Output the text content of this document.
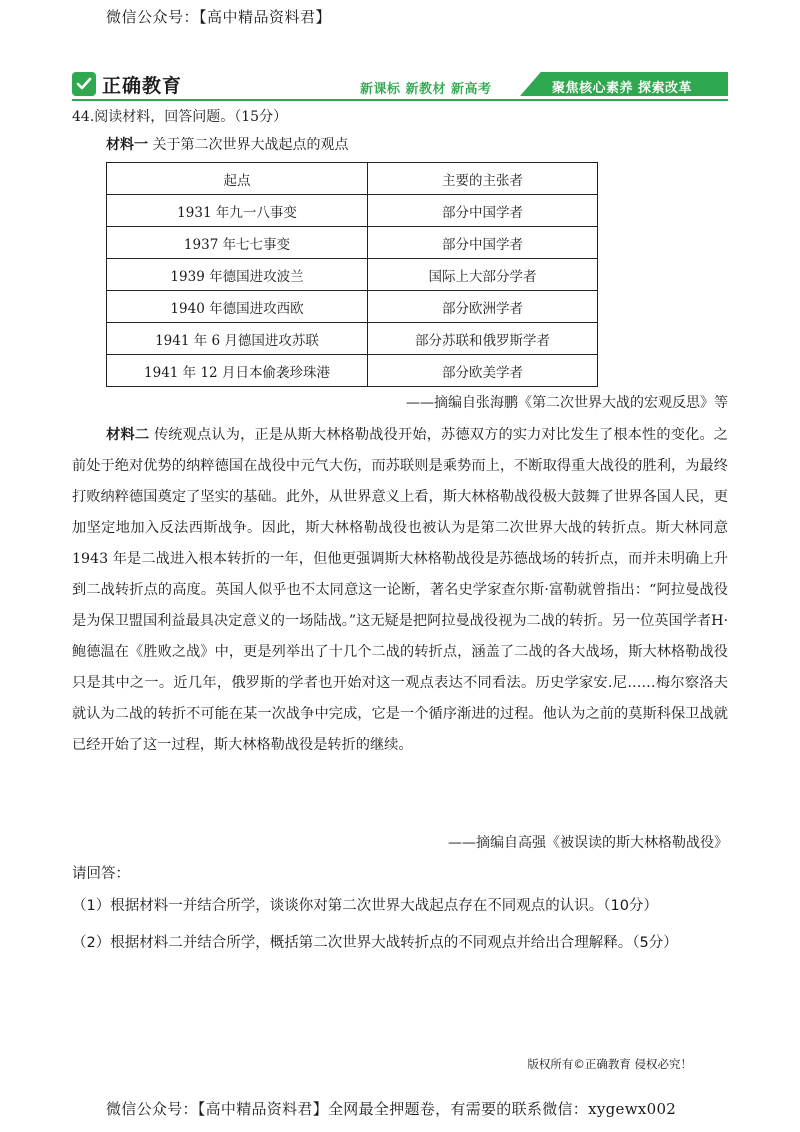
微信公众号：【高中精品资料君】
正确教育	新课标 新教材 新高考	聚焦核心素养 探索改革
44.阅读材料，回答问题。（15分）
材料一 关于第二次世界大战起点的观点
起点	主要的主张者
1931 年九一八事变	部分中国学者
1937 年七七事变	部分中国学者
1939 年德国进攻波兰	国际上大部分学者
1940 年德国进攻西欧	部分欧洲学者
1941 年 6 月德国进攻苏联	部分苏联和俄罗斯学者
1941 年 12 月日本偷袭珍珠港	部分欧美学者
——摘编自张海鹏《第二次世界大战的宏观反思》等
材料二 传统观点认为，正是从斯大林格勒战役开始，苏德双方的实力对比发生了根本性的变化。之前处于绝对优势的纳粹德国在战役中元气大伤，而苏联则是乘势而上，不断取得重大战役的胜利，为最终打败纳粹德国奠定了坚实的基础。此外，从世界意义上看，斯大林格勒战役极大鼓舞了世界各国人民，更加坚定地加入反法西斯战争。因此，斯大林格勒战役也被认为是第二次世界大战的转折点。斯大林同意 1943 年是二战进入根本转折的一年，但他更强调斯大林格勒战役是苏德战场的转折点，而并未明确上升到二战转折点的高度。英国人似乎也不太同意这一论断，著名史学家查尔斯·富勒就曾指出：“阿拉曼战役是为保卫盟国利益最具决定意义的一场陆战。”这无疑是把阿拉曼战役视为二战的转折。另一位英国学者H·鲍德温在《胜败之战》中，更是列举出了十几个二战的转折点，涵盖了二战的各大战场，斯大林格勒战役只是其中之一。近几年，俄罗斯的学者也开始对这一观点表达不同看法。历史学家安.尼……梅尔察洛夫就认为二战的转折不可能在某一次战争中完成，它是一个循序渐进的过程。他认为之前的莫斯科保卫战就已经开始了这一过程，斯大林格勒战役是转折的继续。
——摘编自高强《被误读的斯大林格勒战役》
请回答：
（1）根据材料一并结合所学，谈谈你对第二次世界大战起点存在不同观点的认识。（10分）
（2）根据材料二并结合所学，概括第二次世界大战转折点的不同观点并给出合理解释。（5分）
版权所有©正确教育 侵权必究！
微信公众号：【高中精品资料君】全网最全押题卷，有需要的联系微信：xygewx002
